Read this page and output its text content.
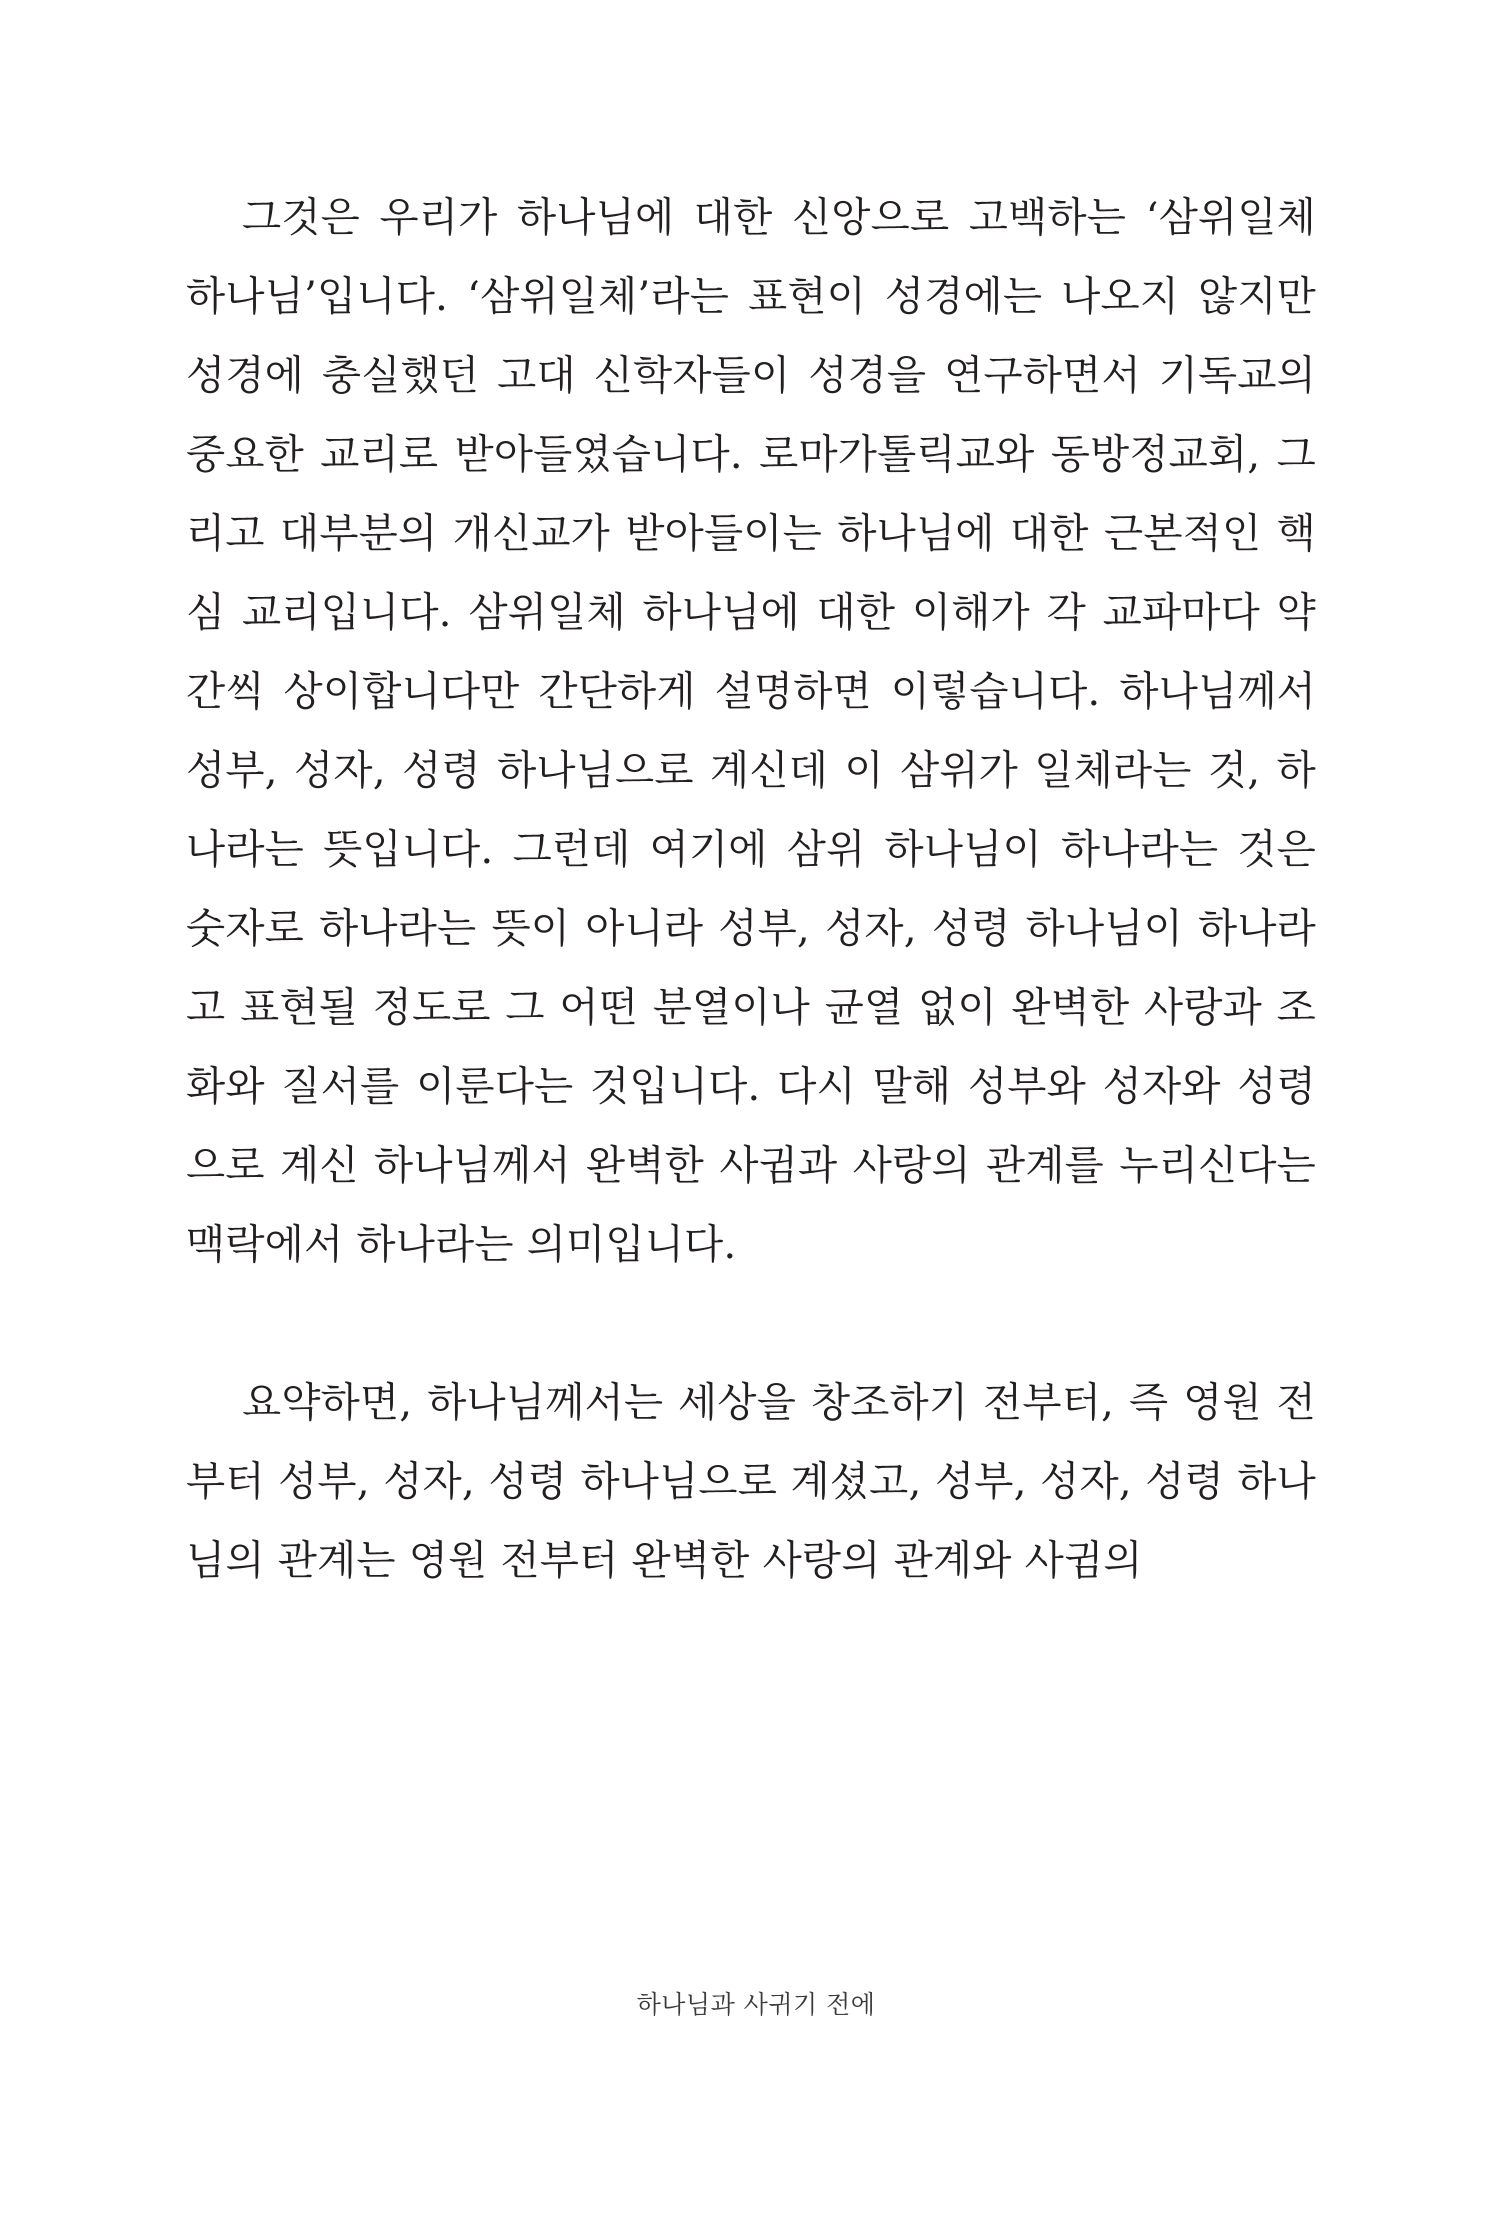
그것은 우리가 하나님에 대한 신앙으로 고백하는 ‘삼위일체 하나님’입니다. ‘삼위일체’라는 표현이 성경에는 나오지 않지만 성경에 충실했던 고대 신학자들이 성경을 연구하면서 기독교의 중요한 교리로 받아들였습니다. 로마가톨릭교와 동방정교회, 그리고 대부분의 개신교가 받아들이는 하나님에 대한 근본적인 핵심 교리입니다. 삼위일체 하나님에 대한 이해가 각 교파마다 약간씩 상이합니다만 간단하게 설명하면 이렇습니다. 하나님께서 성부, 성자, 성령 하나님으로 계신데 이 삼위가 일체라는 것, 하나라는 뜻입니다. 그런데 여기에 삼위 하나님이 하나라는 것은 숫자로 하나라는 뜻이 아니라 성부, 성자, 성령 하나님이 하나라고 표현될 정도로 그 어떤 분열이나 균열 없이 완벽한 사랑과 조화와 질서를 이룬다는 것입니다. 다시 말해 성부와 성자와 성령으로 계신 하나님께서 완벽한 사귐과 사랑의 관계를 누리신다는 맥락에서 하나라는 의미입니다.

요약하면, 하나님께서는 세상을 창조하기 전부터, 즉 영원 전부터 성부, 성자, 성령 하나님으로 계셨고, 성부, 성자, 성령 하나님의 관계는 영원 전부터 완벽한 사랑의 관계와 사귐의

하나님과 사귀기 전에
